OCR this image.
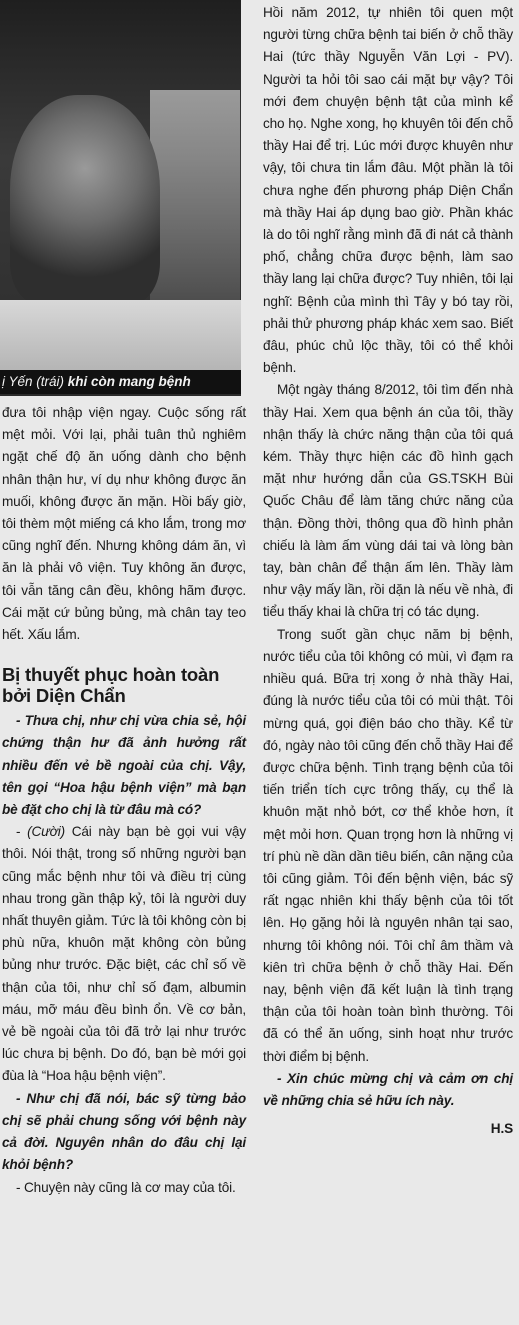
ị Yến (trái) khi còn mang bệnh

đưa tôi nhập viện ngay. Cuộc sống rất mệt mỏi. Với lại, phải tuân thủ nghiêm ngặt chế độ ăn uống dành cho bệnh nhân thận hư, ví dụ như không được ăn muối, không được ăn mặn. Hồi bấy giờ, tôi thèm một miếng cá kho lắm, trong mơ cũng nghĩ đến. Nhưng không dám ăn, vì ăn là phải vô viện. Tuy không ăn được, tôi vẫn tăng cân đều, không hãm được. Cái mặt cứ bủng bủng, mà chân tay teo hết. Xấu lắm.

Bị thuyết phục hoàn toàn bởi Diện Chẩn

- Thưa chị, như chị vừa chia sẻ, hội chứng thận hư đã ảnh hưởng rất nhiều đến vẻ bề ngoài của chị. Vậy, tên gọi “Hoa hậu bệnh viện” mà bạn bè đặt cho chị là từ đâu mà có?

- (Cười) Cái này bạn bè gọi vui vậy thôi. Nói thật, trong số những người bạn cũng mắc bệnh như tôi và điều trị cùng nhau trong gần thập kỷ, tôi là người duy nhất thuyên giảm. Tức là tôi không còn bị phù nữa, khuôn mặt không còn bủng bủng như trước. Đặc biệt, các chỉ số về thận của tôi, như chỉ số đạm, albumin máu, mỡ máu đều bình ổn. Về cơ bản, vẻ bề ngoài của tôi đã trở lại như trước lúc chưa bị bệnh. Do đó, bạn bè mới gọi đùa là “Hoa hậu bệnh viện”.

- Như chị đã nói, bác sỹ từng bảo chị sẽ phải chung sống với bệnh này cả đời. Nguyên nhân do đâu chị lại khỏi bệnh?

- Chuyện này cũng là cơ may của tôi.

Hồi năm 2012, tự nhiên tôi quen một người từng chữa bệnh tai biến ở chỗ thầy Hai (tức thầy Nguyễn Văn Lợi - PV). Người ta hỏi tôi sao cái mặt bự vậy? Tôi mới đem chuyện bệnh tật của mình kể cho họ. Nghe xong, họ khuyên tôi đến chỗ thầy Hai để trị. Lúc mới được khuyên như vậy, tôi chưa tin lắm đâu. Một phần là tôi chưa nghe đến phương pháp Diện Chẩn mà thầy Hai áp dụng bao giờ. Phần khác là do tôi nghĩ rằng mình đã đi nát cả thành phố, chẳng chữa được bệnh, làm sao thầy lang lại chữa được? Tuy nhiên, tôi lại nghĩ: Bệnh của mình thì Tây y bó tay rồi, phải thử phương pháp khác xem sao. Biết đâu, phúc chủ lộc thầy, tôi có thể khỏi bệnh.

Một ngày tháng 8/2012, tôi tìm đến nhà thầy Hai. Xem qua bệnh án của tôi, thầy nhận thấy là chức năng thận của tôi quá kém. Thầy thực hiện các đồ hình gạch mặt như hướng dẫn của GS.TSKH Bùi Quốc Châu để làm tăng chức năng của thận. Đồng thời, thông qua đồ hình phản chiếu là làm ấm vùng dái tai và lòng bàn tay, bàn chân để thận ấm lên. Thầy làm như vậy mấy lần, rồi dặn là nếu về nhà, đi tiểu thấy khai là chữa trị có tác dụng.

Trong suốt gần chục năm bị bệnh, nước tiểu của tôi không có mùi, vì đạm ra nhiều quá. Bữa trị xong ở nhà thầy Hai, đúng là nước tiểu của tôi có mùi thật. Tôi mừng quá, gọi điện báo cho thầy. Kể từ đó, ngày nào tôi cũng đến chỗ thầy Hai để được chữa bệnh. Tình trạng bệnh của tôi tiến triển tích cực trông thấy, cụ thể là khuôn mặt nhỏ bớt, cơ thể khỏe hơn, ít mệt mỏi hơn. Quan trọng hơn là những vị trí phù nề dần dần tiêu biến, cân nặng của tôi cũng giảm. Tôi đến bệnh viện, bác sỹ rất ngạc nhiên khi thấy bệnh của tôi tốt lên. Họ gặng hỏi là nguyên nhân tại sao, nhưng tôi không nói. Tôi chỉ âm thầm và kiên trì chữa bệnh ở chỗ thầy Hai. Đến nay, bệnh viện đã kết luận là tình trạng thận của tôi hoàn toàn bình thường. Tôi đã có thể ăn uống, sinh hoạt như trước thời điểm bị bệnh.

- Xin chúc mừng chị và cảm ơn chị về những chia sẻ hữu ích này.

H.S
